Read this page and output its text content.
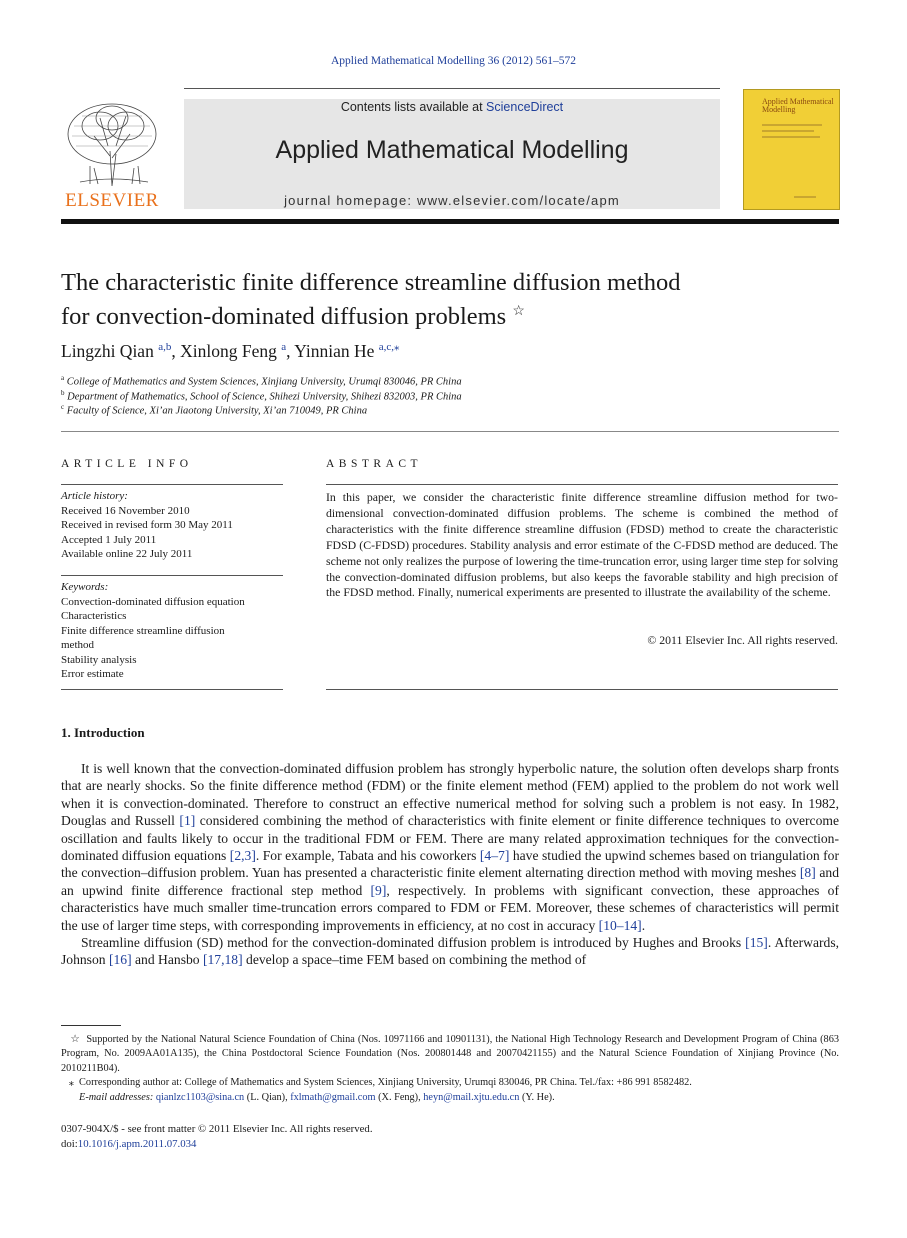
Applied Mathematical Modelling 36 (2012) 561–572
ELSEVIER
Contents lists available at ScienceDirect
Applied Mathematical Modelling
journal homepage: www.elsevier.com/locate/apm
Applied Mathematical Modelling
The characteristic finite difference streamline diffusion method
for convection-dominated diffusion problems ☆
Lingzhi Qian $^{a,b}$, Xinlong Feng $^a$, Yinnian He $^{a,c,⁎}$
$^a$ College of Mathematics and System Sciences, Xinjiang University, Urumqi 830046, PR China
$^b$ Department of Mathematics, School of Science, Shihezi University, Shihezi 832003, PR China
$^c$ Faculty of Science, Xi’an Jiaotong University, Xi’an 710049, PR China
ARTICLE INFO	ABSTRACT
Article history:
Received 16 November 2010
Received in revised form 30 May 2011
Accepted 1 July 2011
Available online 22 July 2011
Keywords:
Convection-dominated diffusion equation
Characteristics
Finite difference streamline diffusion
method
Stability analysis
Error estimate
In this paper, we consider the characteristic finite difference streamline diffusion method for two-dimensional convection-dominated diffusion problems. The scheme is combined the method of characteristics with the finite difference streamline diffusion (FDSD) method to create the characteristic FDSD (C-FDSD) procedures. Stability analysis and error estimate of the C-FDSD method are deduced. The scheme not only realizes the purpose of lowering the time-truncation error, using larger time step for solving the convection-dominated diffusion problems, but also keeps the favorable stability and high precision of the FDSD method. Finally, numerical experiments are presented to illustrate the availability of the scheme.
© 2011 Elsevier Inc. All rights reserved.
1. Introduction

It is well known that the convection-dominated diffusion problem has strongly hyperbolic nature, the solution often develops sharp fronts that are nearly shocks. So the finite difference method (FDM) or the finite element method (FEM) applied to the problem do not work well when it is convection-dominated. Therefore to construct an effective numerical method for solving such a problem is not easy. In 1982, Douglas and Russell [1] considered combining the method of characteristics with finite element or finite difference techniques to overcome oscillation and faults likely to occur in the traditional FDM or FEM. There are many related approximation techniques for the convection-dominated diffusion equations [2,3]. For example, Tabata and his coworkers [4–7] have studied the upwind schemes based on triangulation for the convection–diffusion problem. Yuan has presented a characteristic finite element alternating direction method with moving meshes [8] and an upwind finite difference fractional step method [9], respectively. In problems with significant convection, these approaches of characteristics have much smaller time-truncation errors compared to FDM or FEM. Moreover, these schemes of characteristics will permit the use of larger time steps, with corresponding improvements in efficiency, at no cost in accuracy [10–14].

Streamline diffusion (SD) method for the convection-dominated diffusion problem is introduced by Hughes and Brooks [15]. Afterwards, Johnson [16] and Hansbo [17,18] develop a space–time FEM based on combining the method of

☆ Supported by the National Natural Science Foundation of China (Nos. 10971166 and 10901131), the National High Technology Research and Development Program of China (863 Program, No. 2009AA01A135), the China Postdoctoral Science Foundation (Nos. 200801448 and 20070421155) and the Natural Science Foundation of Xinjiang Province (No. 2010211B04).

⁎ Corresponding author at: College of Mathematics and System Sciences, Xinjiang University, Urumqi 830046, PR China. Tel./fax: +86 991 8582482.

E-mail addresses: qianlzc1103@sina.cn (L. Qian), fxlmath@gmail.com (X. Feng), heyn@mail.xjtu.edu.cn (Y. He).

0307-904X/$ - see front matter © 2011 Elsevier Inc. All rights reserved.
doi:10.1016/j.apm.2011.07.034
